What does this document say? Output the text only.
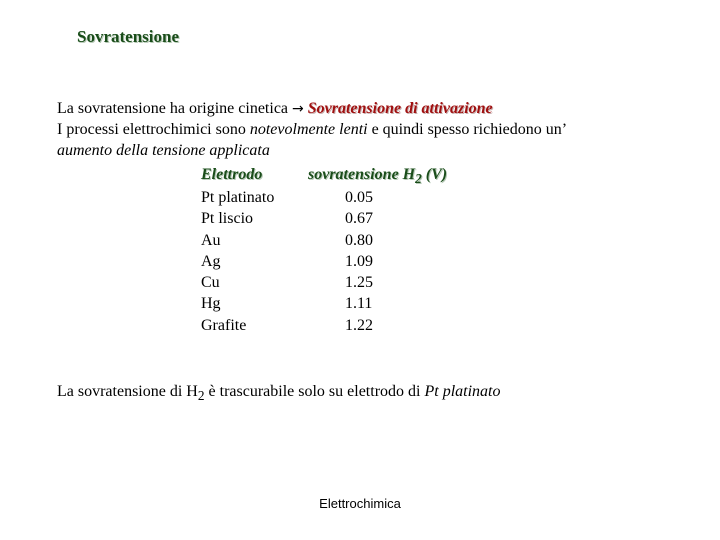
Sovratensione
La sovratensione ha origine cinetica → Sovratensione di attivazione
I processi elettrochimici sono notevolmente lenti e quindi spesso richiedono un’
aumento della tensione applicata
Elettrodo	sovratensione $H_2$ (V)
Pt platinato	0.05
Pt liscio	0.67
Au	0.80
Ag	1.09
Cu	1.25
Hg	1.11
Grafite	1.22
La sovratensione di $H_2$ è trascurabile solo su elettrodo di Pt platinato
Elettrochimica
